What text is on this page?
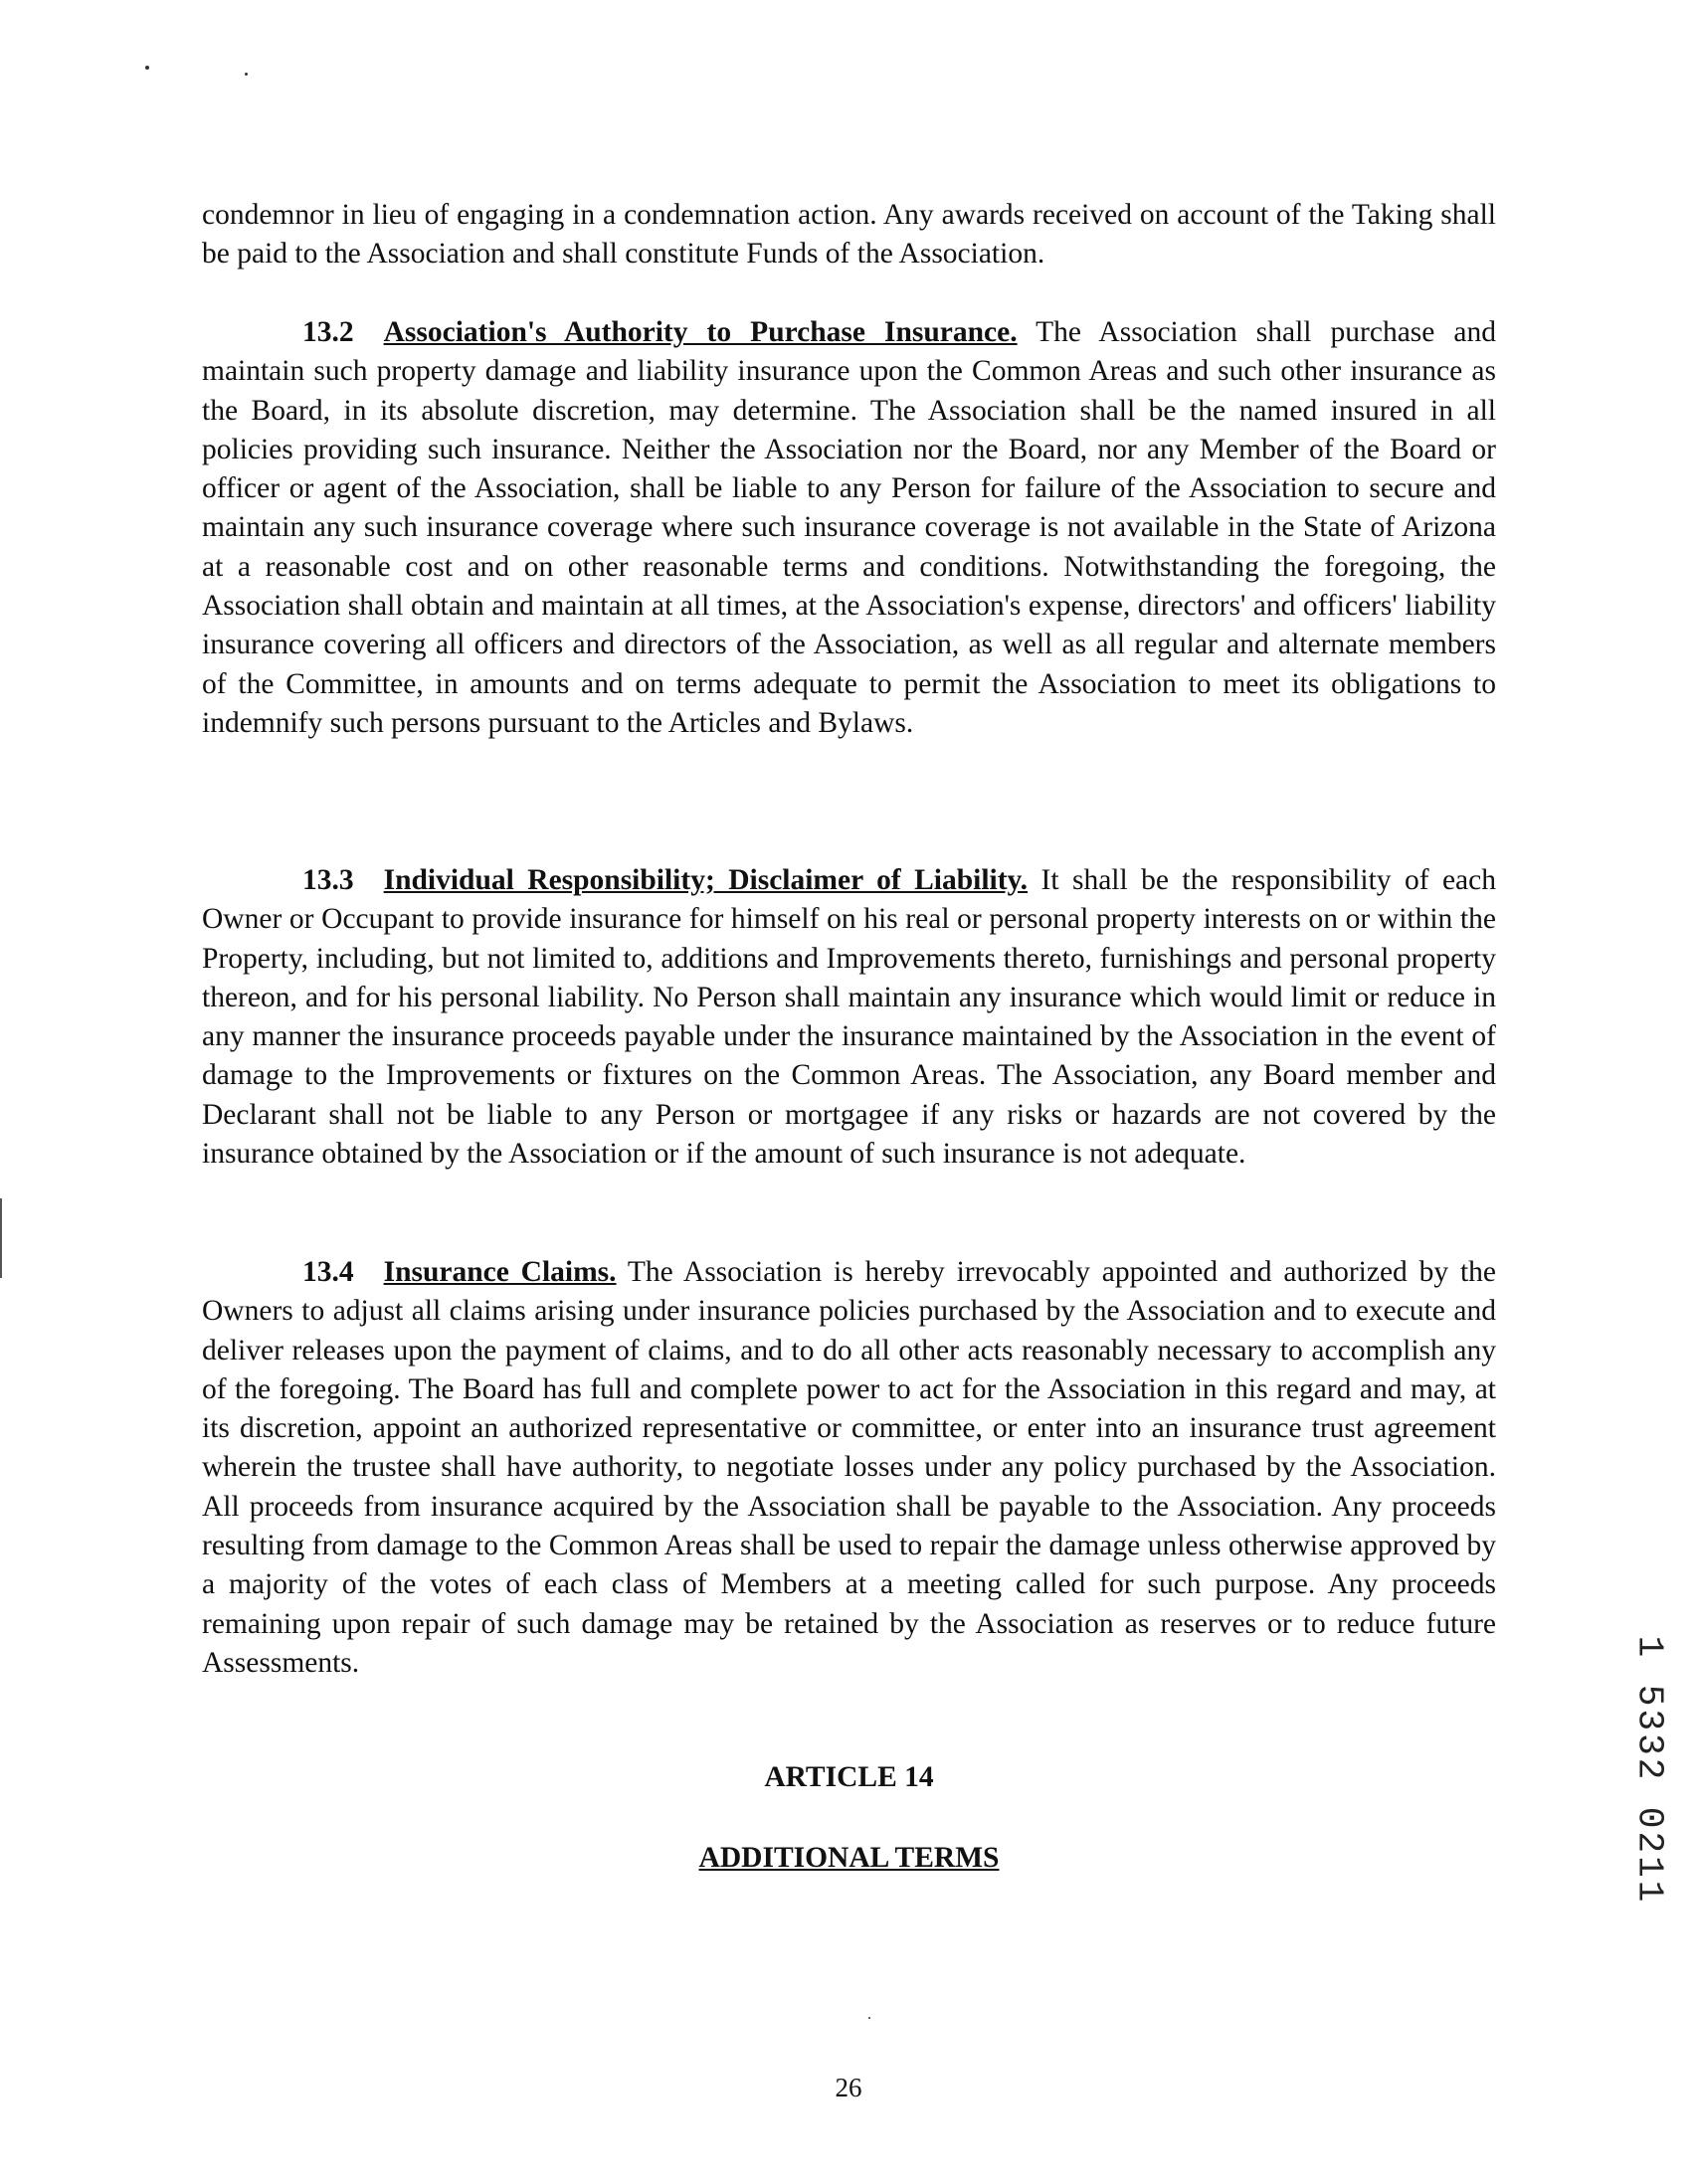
condemnor in lieu of engaging in a condemnation action. Any awards received on account of the Taking shall be paid to the Association and shall constitute Funds of the Association.

13.2 Association's Authority to Purchase Insurance. The Association shall purchase and maintain such property damage and liability insurance upon the Common Areas and such other insurance as the Board, in its absolute discretion, may determine. The Association shall be the named insured in all policies providing such insurance. Neither the Association nor the Board, nor any Member of the Board or officer or agent of the Association, shall be liable to any Person for failure of the Association to secure and maintain any such insurance coverage where such insurance coverage is not available in the State of Arizona at a reasonable cost and on other reasonable terms and conditions. Notwithstanding the foregoing, the Association shall obtain and maintain at all times, at the Association's expense, directors' and officers' liability insurance covering all officers and directors of the Association, as well as all regular and alternate members of the Committee, in amounts and on terms adequate to permit the Association to meet its obligations to indemnify such persons pursuant to the Articles and Bylaws.

13.3 Individual Responsibility; Disclaimer of Liability. It shall be the responsibility of each Owner or Occupant to provide insurance for himself on his real or personal property interests on or within the Property, including, but not limited to, additions and Improvements thereto, furnishings and personal property thereon, and for his personal liability. No Person shall maintain any insurance which would limit or reduce in any manner the insurance proceeds payable under the insurance maintained by the Association in the event of damage to the Improvements or fixtures on the Common Areas. The Association, any Board member and Declarant shall not be liable to any Person or mortgagee if any risks or hazards are not covered by the insurance obtained by the Association or if the amount of such insurance is not adequate.

13.4 Insurance Claims. The Association is hereby irrevocably appointed and authorized by the Owners to adjust all claims arising under insurance policies purchased by the Association and to execute and deliver releases upon the payment of claims, and to do all other acts reasonably necessary to accomplish any of the foregoing. The Board has full and complete power to act for the Association in this regard and may, at its discretion, appoint an authorized representative or committee, or enter into an insurance trust agreement wherein the trustee shall have authority, to negotiate losses under any policy purchased by the Association. All proceeds from insurance acquired by the Association shall be payable to the Association. Any proceeds resulting from damage to the Common Areas shall be used to repair the damage unless otherwise approved by a majority of the votes of each class of Members at a meeting called for such purpose. Any proceeds remaining upon repair of such damage may be retained by the Association as reserves or to reduce future Assessments.

ARTICLE 14
ADDITIONAL TERMS
26
1 5332 0211
